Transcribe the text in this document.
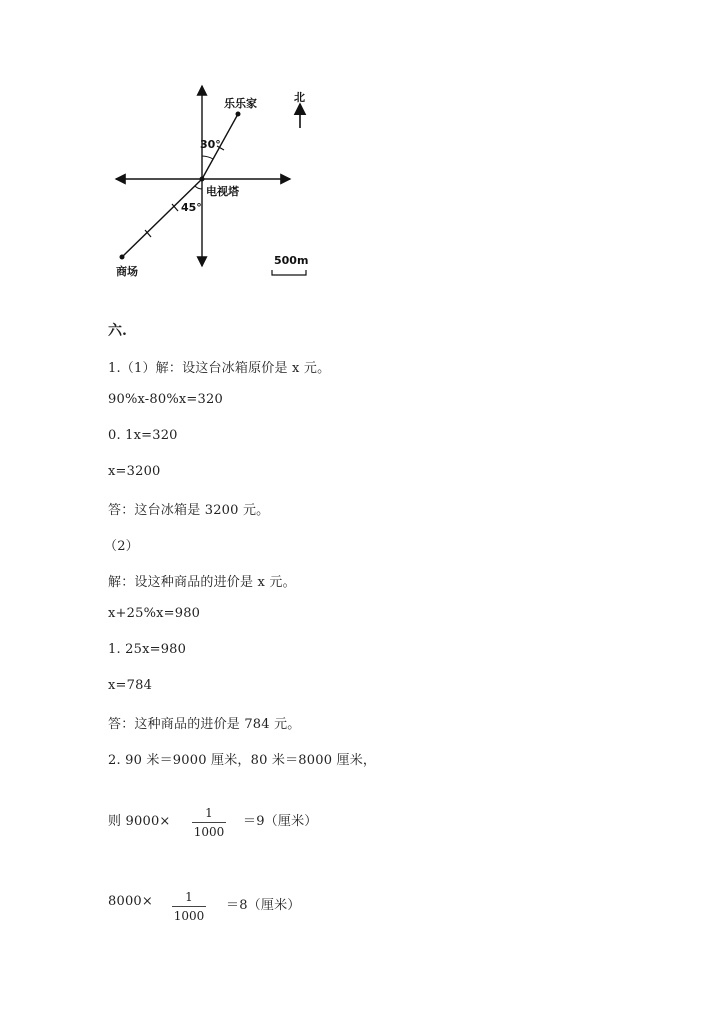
乐乐家	北
30°
电视塔
45°
500m
商场
六.
1.（1）解：设这台冰箱原价是 x 元。
90%x-80%x=320
0. 1x=320
x=3200
答：这台冰箱是 3200 元。
（2）
解：设这种商品的进价是 x 元。
x+25%x=980
1. 25x=980
x=784
答：这种商品的进价是 784 元。
2. 90 米＝9000 厘米，80 米＝8000 厘米，
则 9000×
1
1000
＝9（厘米）
8000×	1
1000
＝8（厘米）
